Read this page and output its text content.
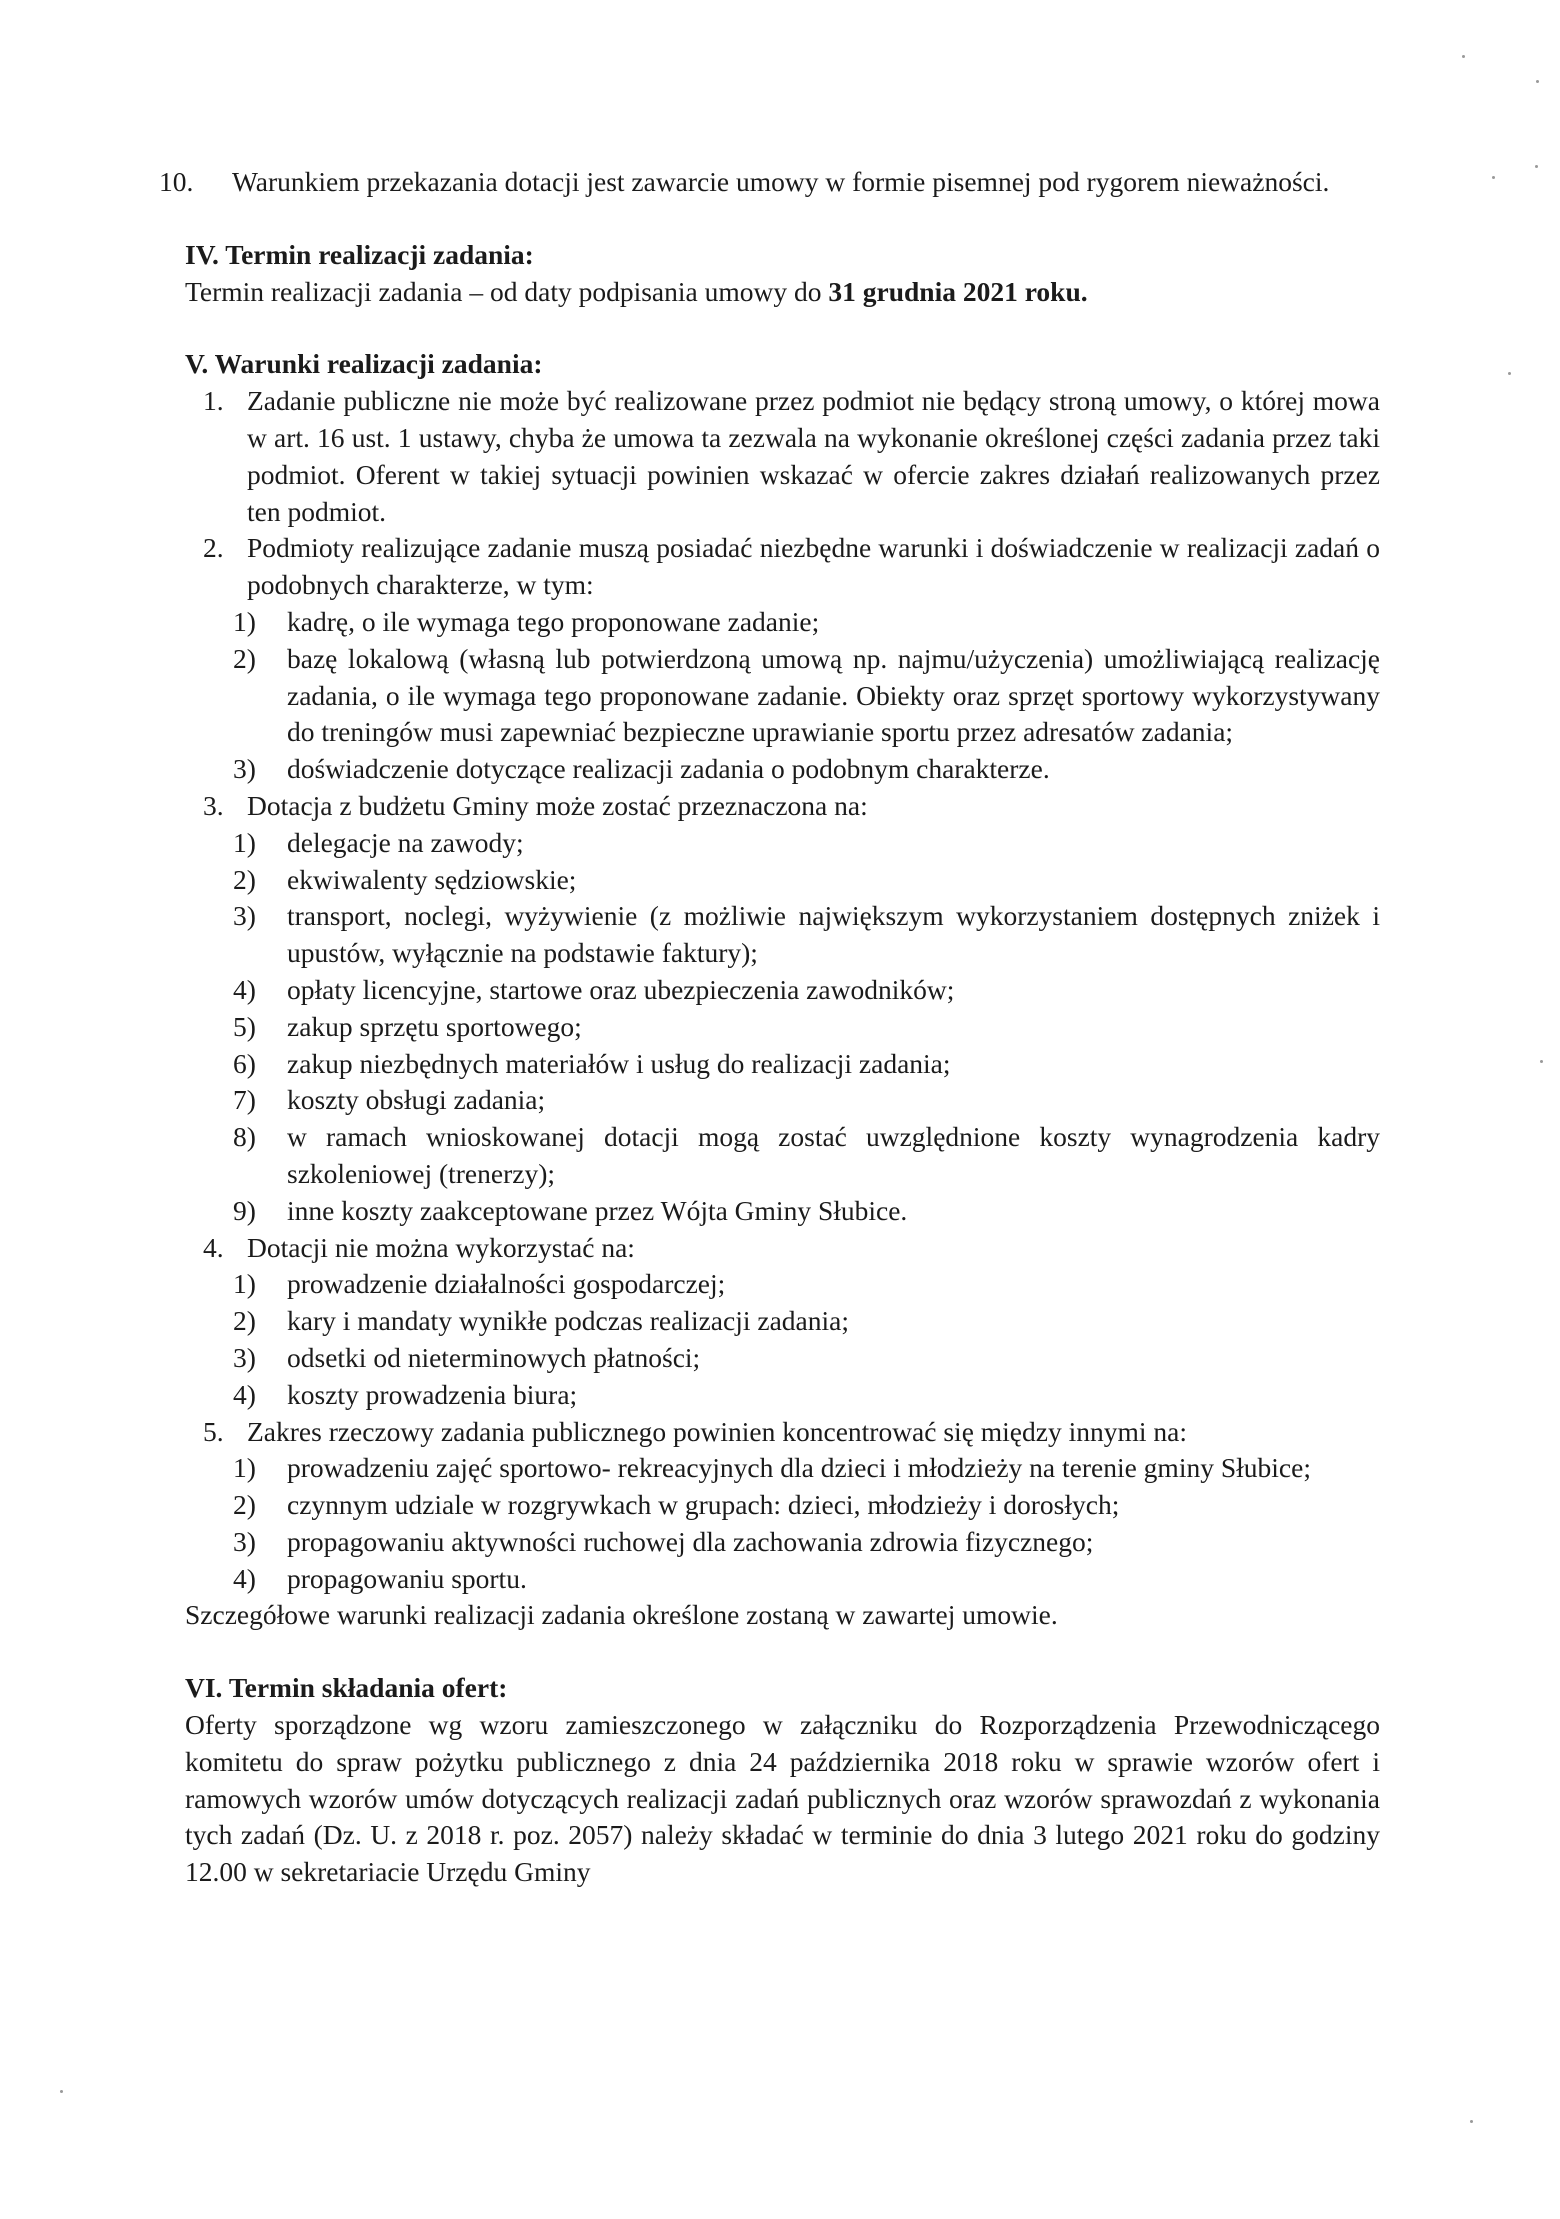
10. Warunkiem przekazania dotacji jest zawarcie umowy w formie pisemnej pod rygorem nieważności.

IV. Termin realizacji zadania:

Termin realizacji zadania – od daty podpisania umowy do 31 grudnia 2021 roku.

V. Warunki realizacji zadania:

1. Zadanie publiczne nie może być realizowane przez podmiot nie będący stroną umowy, o której mowa w art. 16 ust. 1 ustawy, chyba że umowa ta zezwala na wykonanie określonej części zadania przez taki podmiot. Oferent w takiej sytuacji powinien wskazać w ofercie zakres działań realizowanych przez ten podmiot.
2. Podmioty realizujące zadanie muszą posiadać niezbędne warunki i doświadczenie w realizacji zadań o podobnych charakterze, w tym:
1) kadrę, o ile wymaga tego proponowane zadanie;
2) bazę lokalową (własną lub potwierdzoną umową np. najmu/użyczenia) umożliwiającą realizację zadania, o ile wymaga tego proponowane zadanie. Obiekty oraz sprzęt sportowy wykorzystywany do treningów musi zapewniać bezpieczne uprawianie sportu przez adresatów zadania;
3) doświadczenie dotyczące realizacji zadania o podobnym charakterze.
3. Dotacja z budżetu Gminy może zostać przeznaczona na:
1) delegacje na zawody;
2) ekwiwalenty sędziowskie;
3) transport, noclegi, wyżywienie (z możliwie największym wykorzystaniem dostępnych zniżek i upustów, wyłącznie na podstawie faktury);
4) opłaty licencyjne, startowe oraz ubezpieczenia zawodników;
5) zakup sprzętu sportowego;
6) zakup niezbędnych materiałów i usług do realizacji zadania;
7) koszty obsługi zadania;
8) w ramach wnioskowanej dotacji mogą zostać uwzględnione koszty wynagrodzenia kadry szkoleniowej (trenerzy);
9) inne koszty zaakceptowane przez Wójta Gminy Słubice.
4. Dotacji nie można wykorzystać na:
1) prowadzenie działalności gospodarczej;
2) kary i mandaty wynikłe podczas realizacji zadania;
3) odsetki od nieterminowych płatności;
4) koszty prowadzenia biura;
5. Zakres rzeczowy zadania publicznego powinien koncentrować się między innymi na:
1) prowadzeniu zajęć sportowo- rekreacyjnych dla dzieci i młodzieży na terenie gminy Słubice;
2) czynnym udziale w rozgrywkach w grupach: dzieci, młodzieży i dorosłych;
3) propagowaniu aktywności ruchowej dla zachowania zdrowia fizycznego;
4) propagowaniu sportu.

Szczegółowe warunki realizacji zadania określone zostaną w zawartej umowie.

VI. Termin składania ofert:

Oferty sporządzone wg wzoru zamieszczonego w załączniku do Rozporządzenia Przewodniczącego komitetu do spraw pożytku publicznego z dnia 24 października 2018 roku w sprawie wzorów ofert i ramowych wzorów umów dotyczących realizacji zadań publicznych oraz wzorów sprawozdań z wykonania tych zadań (Dz. U. z 2018 r. poz. 2057) należy składać w terminie do dnia 3 lutego 2021 roku do godziny 12.00 w sekretariacie Urzędu Gminy
